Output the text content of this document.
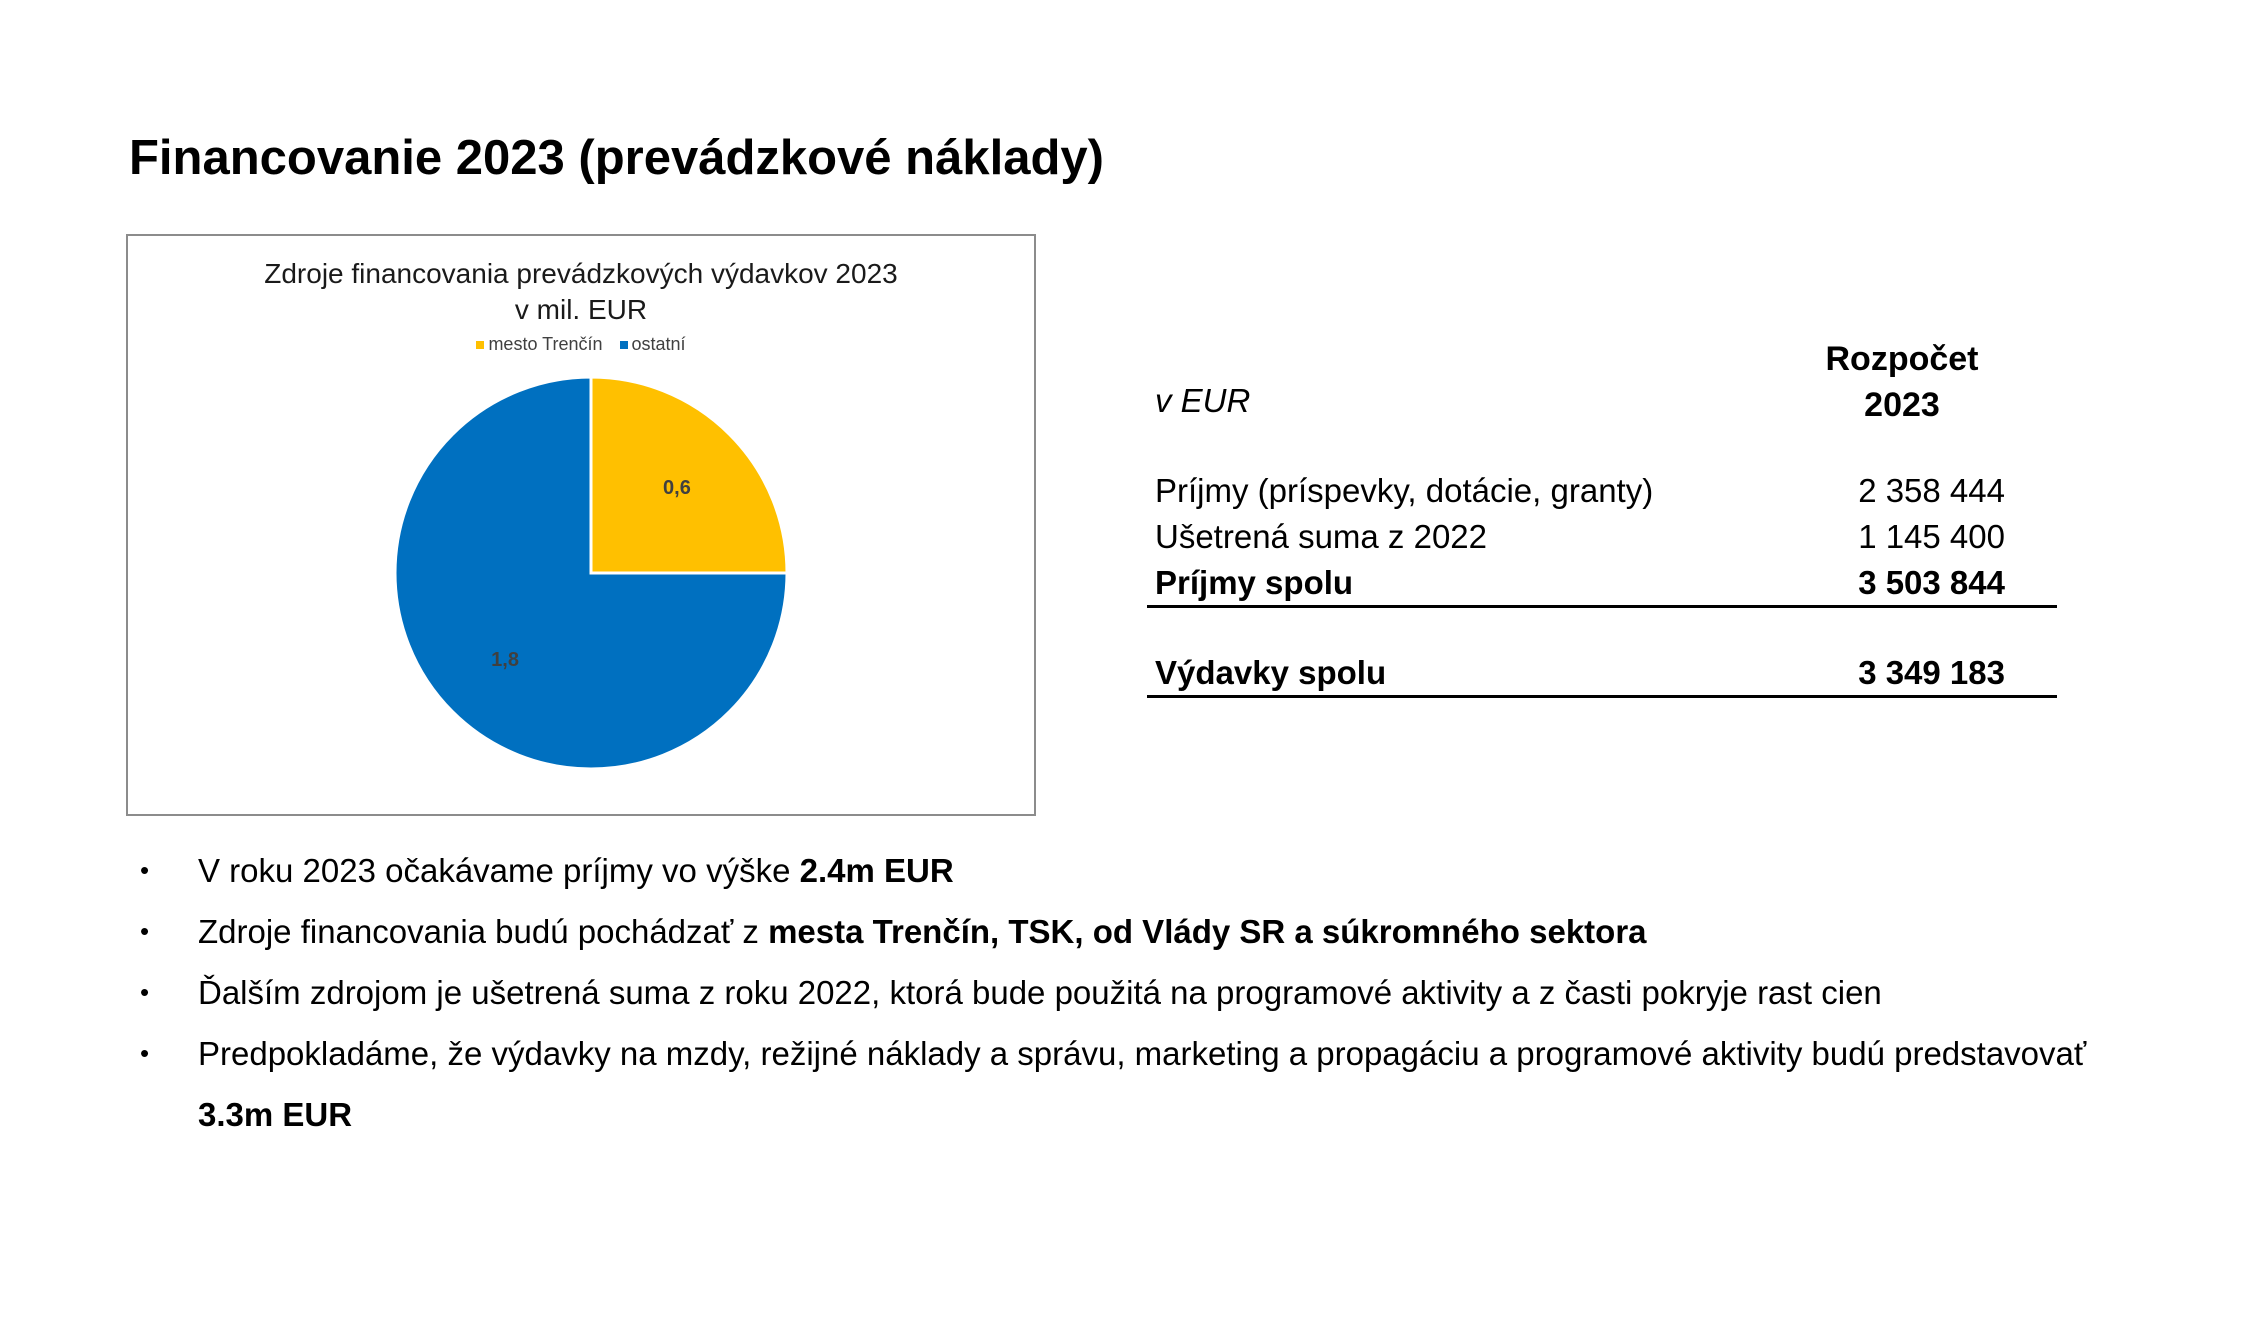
Financovanie 2023 (prevádzkové náklady)
Zdroje financovania prevádzkových výdavkov 2023
v mil. EUR
mesto Trenčín ostatní
0,6
1,8
Rozpočet
2023
v EUR
Príjmy (príspevky, dotácie, granty)	2 358 444
Ušetrená suma z 2022	1 145 400
Príjmy spolu	3 503 844
Výdavky spolu	3 349 183
• V roku 2023 očakávame príjmy vo výške 2.4m EUR
• Zdroje financovania budú pochádzať z mesta Trenčín, TSK, od Vlády SR a súkromného sektora
• Ďalším zdrojom je ušetrená suma z roku 2022, ktorá bude použitá na programové aktivity a z časti pokryje rast cien
• Predpokladáme, že výdavky na mzdy, režijné náklady a správu, marketing a propagáciu a programové aktivity budú predstavovať 3.3m EUR
